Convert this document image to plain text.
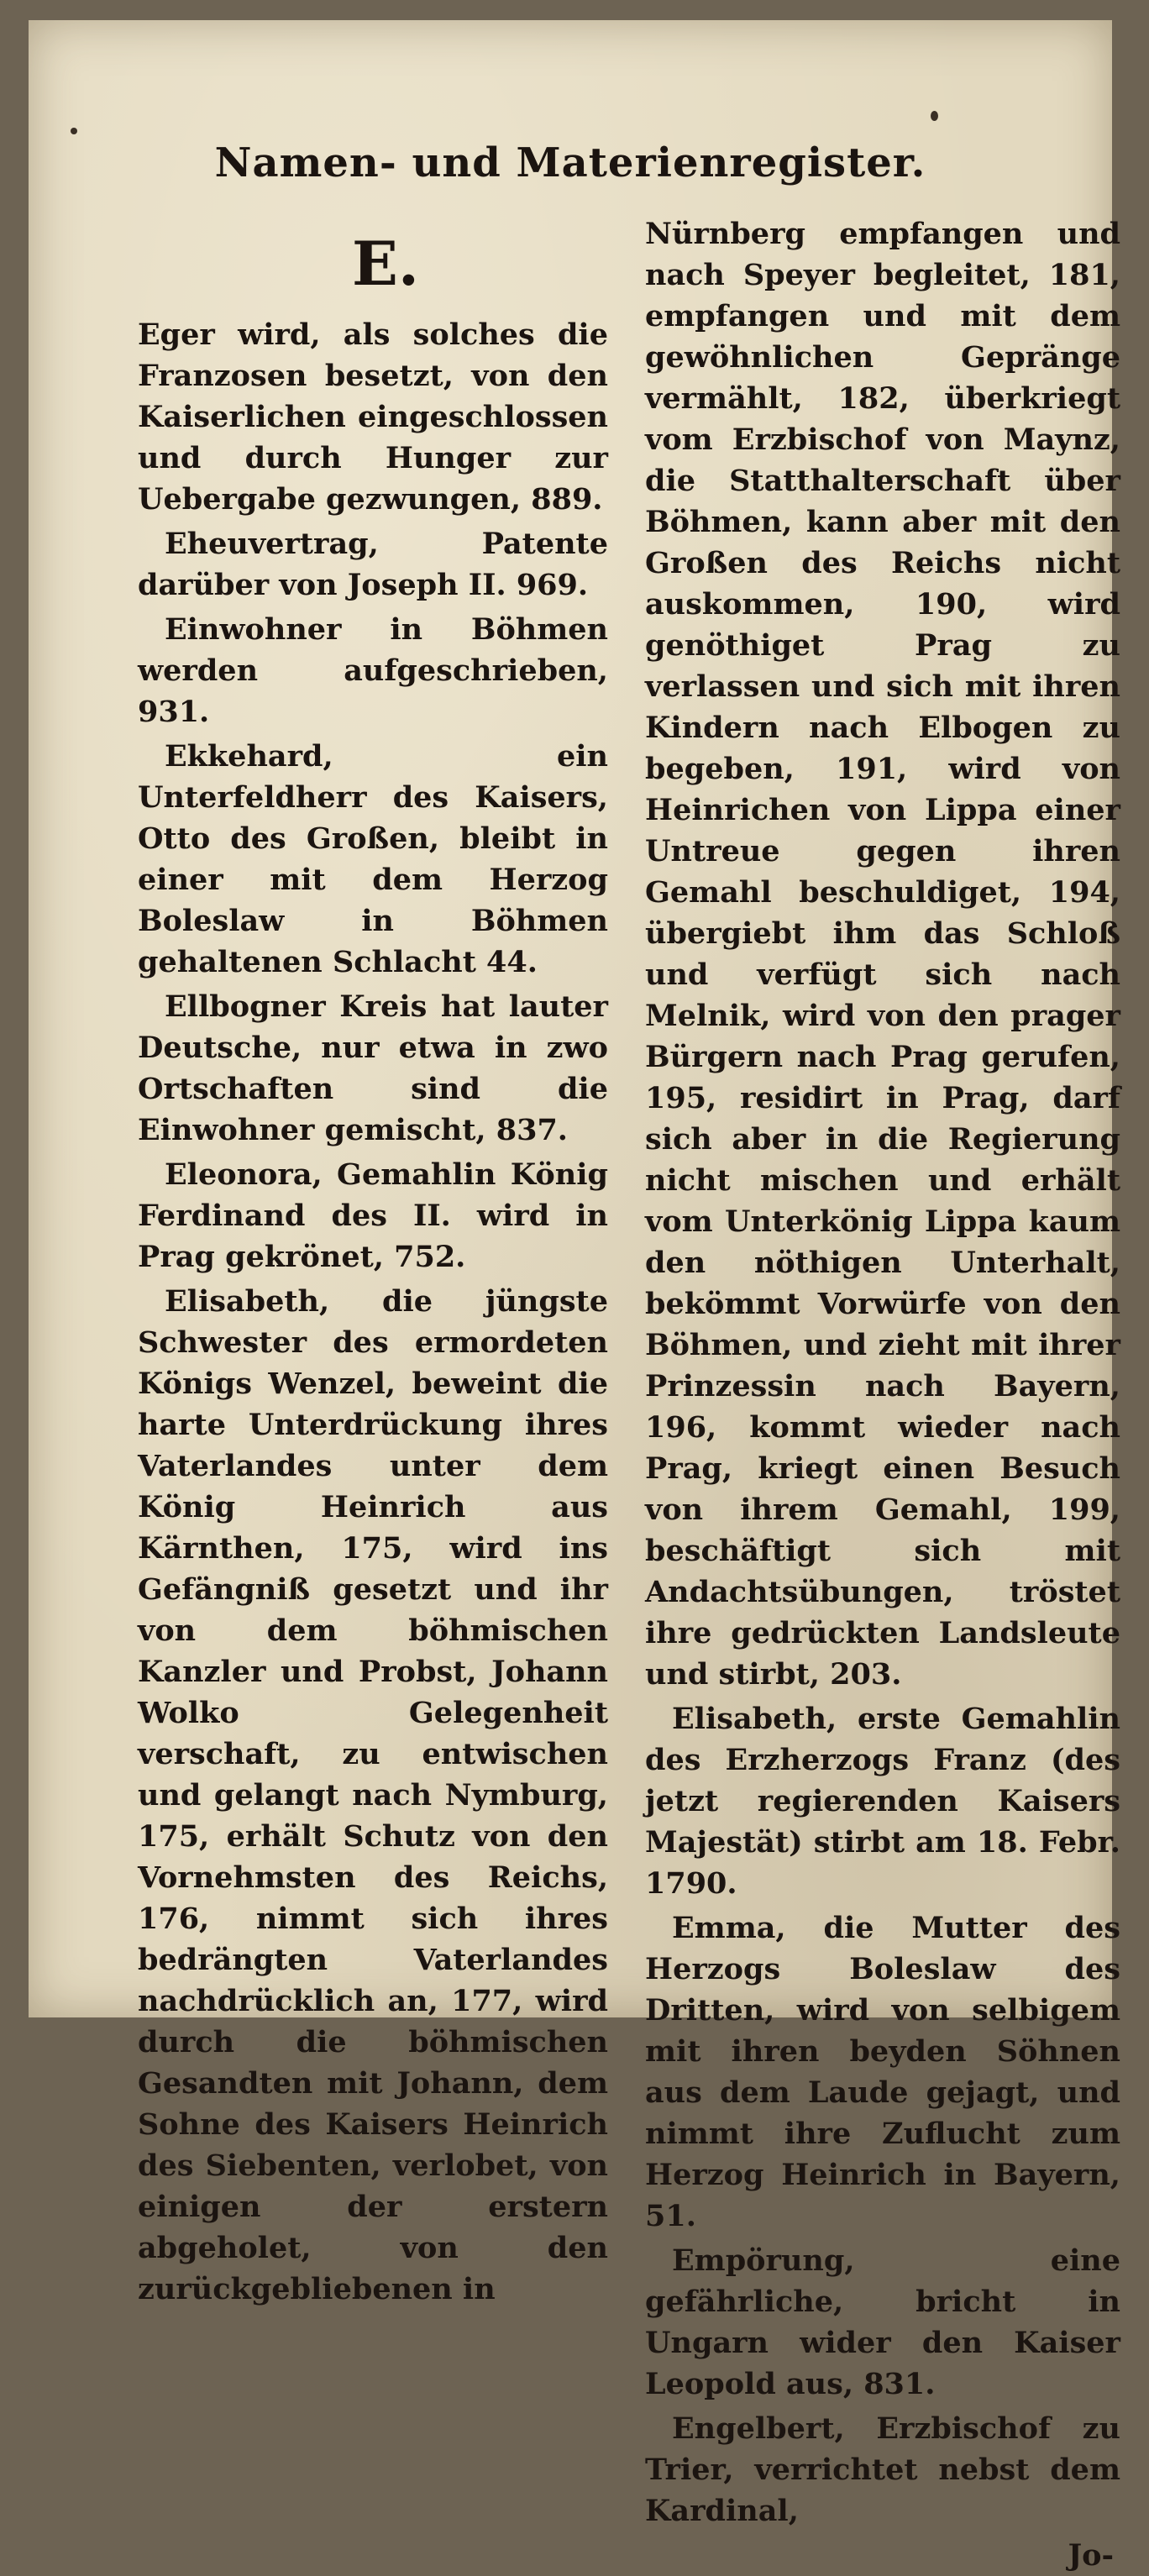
Namen- und Materienregister.
E.

Eger wird, als solches die Franzosen besetzt, von den Kaiserlichen eingeschlossen und durch Hunger zur Uebergabe gezwungen, 889.

Eheuvertrag, Patente darüber von Joseph II. 969.

Einwohner in Böhmen werden aufgeschrieben, 931.

Ekkehard, ein Unterfeldherr des Kaisers, Otto des Großen, bleibt in einer mit dem Herzog Boleslaw in Böhmen gehaltenen Schlacht 44.

Ellbogner Kreis hat lauter Deutsche, nur etwa in zwo Ortschaften sind die Einwohner gemischt, 837.

Eleonora, Gemahlin König Ferdinand des II. wird in Prag gekrönet, 752.

Elisabeth, die jüngste Schwester des ermordeten Königs Wenzel, beweint die harte Unterdrückung ihres Vaterlandes unter dem König Heinrich aus Kärnthen, 175, wird ins Gefängniß gesetzt und ihr von dem böhmischen Kanzler und Probst, Johann Wolko Gelegenheit verschaft, zu entwischen und gelangt nach Nymburg, 175, erhält Schutz von den Vornehmsten des Reichs, 176, nimmt sich ihres bedrängten Vaterlandes nachdrücklich an, 177, wird durch die böhmischen Gesandten mit Johann, dem Sohne des Kaisers Heinrich des Siebenten, verlobet, von einigen der erstern abgeholet, von den zurückgebliebenen in

Nürnberg empfangen und nach Speyer begleitet, 181, empfangen und mit dem gewöhnlichen Gepränge vermählt, 182, überkriegt vom Erzbischof von Maynz, die Statthalterschaft über Böhmen, kann aber mit den Großen des Reichs nicht auskommen, 190, wird genöthiget Prag zu verlassen und sich mit ihren Kindern nach Elbogen zu begeben, 191, wird von Heinrichen von Lippa einer Untreue gegen ihren Gemahl beschuldiget, 194, übergiebt ihm das Schloß und verfügt sich nach Melnik, wird von den prager Bürgern nach Prag gerufen, 195, residirt in Prag, darf sich aber in die Regierung nicht mischen und erhält vom Unterkönig Lippa kaum den nöthigen Unterhalt, bekömmt Vorwürfe von den Böhmen, und zieht mit ihrer Prinzessin nach Bayern, 196, kommt wieder nach Prag, kriegt einen Besuch von ihrem Gemahl, 199, beschäftigt sich mit Andachtsübungen, tröstet ihre gedrückten Landsleute und stirbt, 203.

Elisabeth, erste Gemahlin des Erzherzogs Franz (des jetzt regierenden Kaisers Majestät) stirbt am 18. Febr. 1790.

Emma, die Mutter des Herzogs Boleslaw des Dritten, wird von selbigem mit ihren beyden Söhnen aus dem Laude gejagt, und nimmt ihre Zuflucht zum Herzog Heinrich in Bayern, 51.

Empörung, eine gefährliche, bricht in Ungarn wider den Kaiser Leopold aus, 831.

Engelbert, Erzbischof zu Trier, verrichtet nebst dem Kardinal,

Jo-
